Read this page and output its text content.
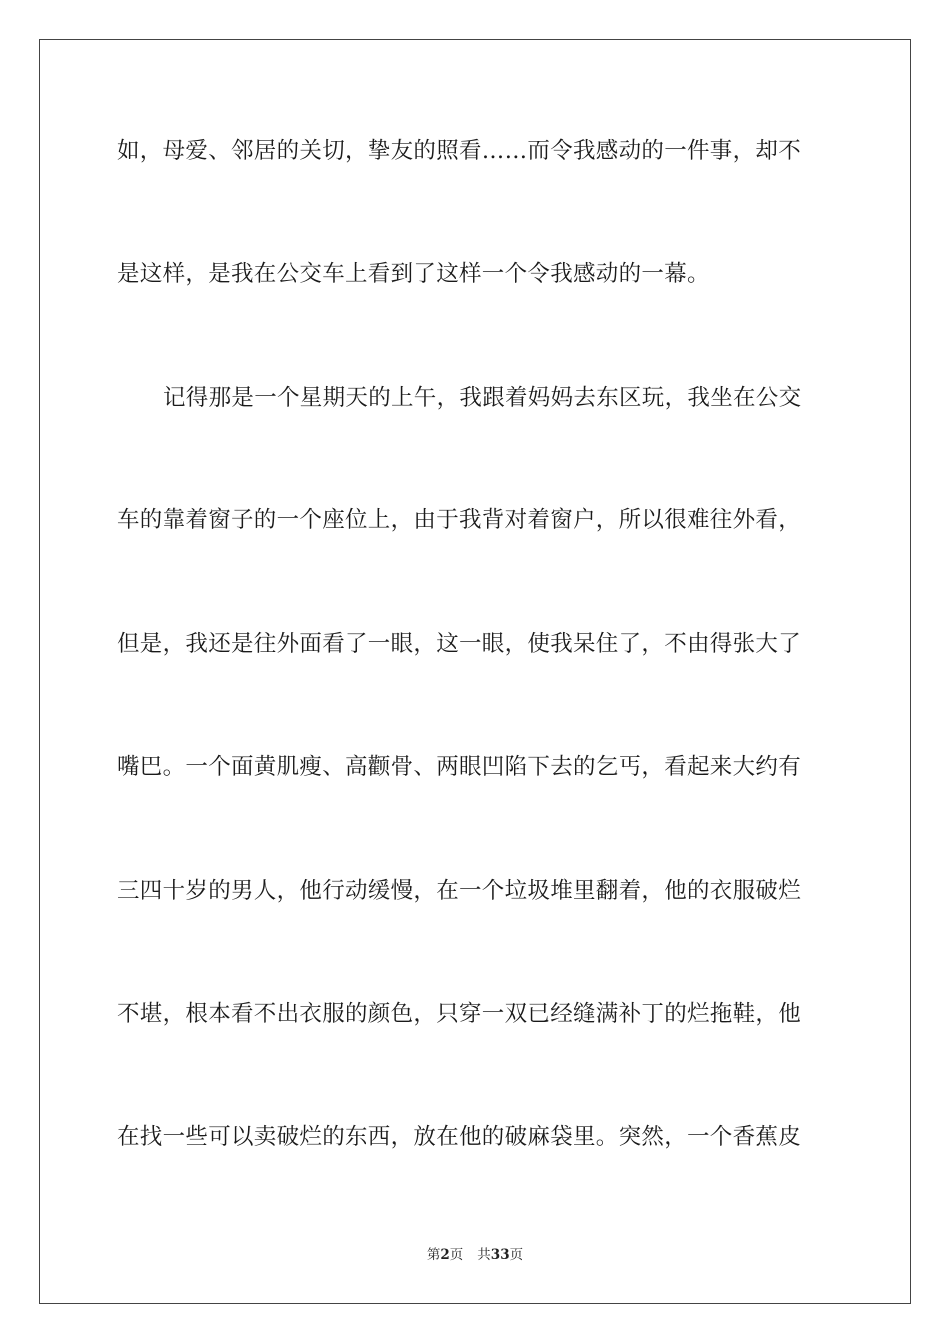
如，母爱、邻居的关切，挚友的照看……而令我感动的一件事，却不
是这样，是我在公交车上看到了这样一个令我感动的一幕。
记得那是一个星期天的上午，我跟着妈妈去东区玩，我坐在公交
车的靠着窗子的一个座位上，由于我背对着窗户，所以很难往外看，
但是，我还是往外面看了一眼，这一眼，使我呆住了，不由得张大了
嘴巴。一个面黄肌瘦、高颧骨、两眼凹陷下去的乞丐，看起来大约有
三四十岁的男人，他行动缓慢，在一个垃圾堆里翻着，他的衣服破烂
不堪，根本看不出衣服的颜色，只穿一双已经缝满补丁的烂拖鞋，他
在找一些可以卖破烂的东西，放在他的破麻袋里。突然，一个香蕉皮
第2页 共33页
